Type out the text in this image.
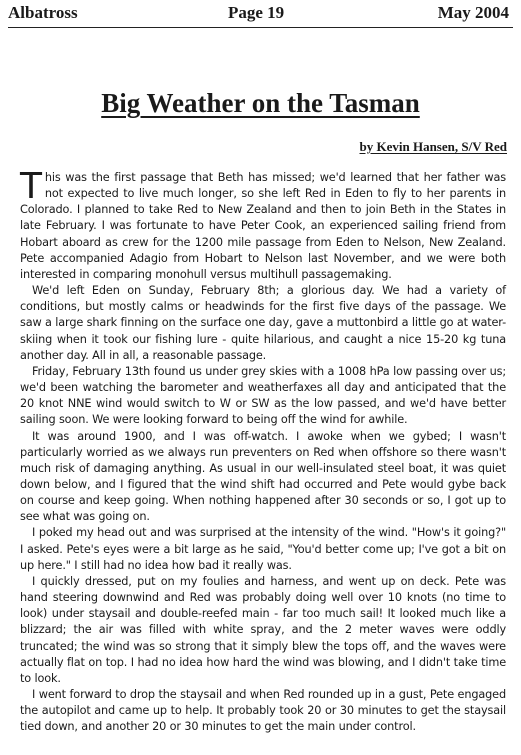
Albatross	Page 19	May 2004
Big Weather on the Tasman
by Kevin Hansen, S/V Red

This was the first passage that Beth has missed; we'd learned that her father was not expected to live much longer, so she left Red in Eden to fly to her parents in Colorado. I planned to take Red to New Zealand and then to join Beth in the States in late February. I was fortunate to have Peter Cook, an experienced sailing friend from Hobart aboard as crew for the 1200 mile passage from Eden to Nelson, New Zealand. Pete accompanied Adagio from Hobart to Nelson last November, and we were both interested in comparing monohull versus multihull passagemaking.

We'd left Eden on Sunday, February 8th; a glorious day. We had a variety of conditions, but mostly calms or headwinds for the first five days of the passage. We saw a large shark finning on the surface one day, gave a muttonbird a little go at water-skiing when it took our fishing lure - quite hilarious, and caught a nice 15-20 kg tuna another day. All in all, a reasonable passage.

Friday, February 13th found us under grey skies with a 1008 hPa low passing over us; we'd been watching the barometer and weatherfaxes all day and anticipated that the 20 knot NNE wind would switch to W or SW as the low passed, and we'd have better sailing soon. We were looking forward to being off the wind for awhile.

It was around 1900, and I was off-watch. I awoke when we gybed; I wasn't particularly worried as we always run preventers on Red when offshore so there wasn't much risk of damaging anything. As usual in our well-insulated steel boat, it was quiet down below, and I figured that the wind shift had occurred and Pete would gybe back on course and keep going. When nothing happened after 30 seconds or so, I got up to see what was going on.

I poked my head out and was surprised at the intensity of the wind. "How's it going?" I asked. Pete's eyes were a bit large as he said, "You'd better come up; I've got a bit on up here." I still had no idea how bad it really was.

I quickly dressed, put on my foulies and harness, and went up on deck. Pete was hand steering downwind and Red was probably doing well over 10 knots (no time to look) under staysail and double-reefed main - far too much sail! It looked much like a blizzard; the air was filled with white spray, and the 2 meter waves were oddly truncated; the wind was so strong that it simply blew the tops off, and the waves were actually flat on top. I had no idea how hard the wind was blowing, and I didn't take time to look.

I went forward to drop the staysail and when Red rounded up in a gust, Pete engaged the autopilot and came up to help. It probably took 20 or 30 minutes to get the staysail tied down, and another 20 or 30 minutes to get the main under control.
